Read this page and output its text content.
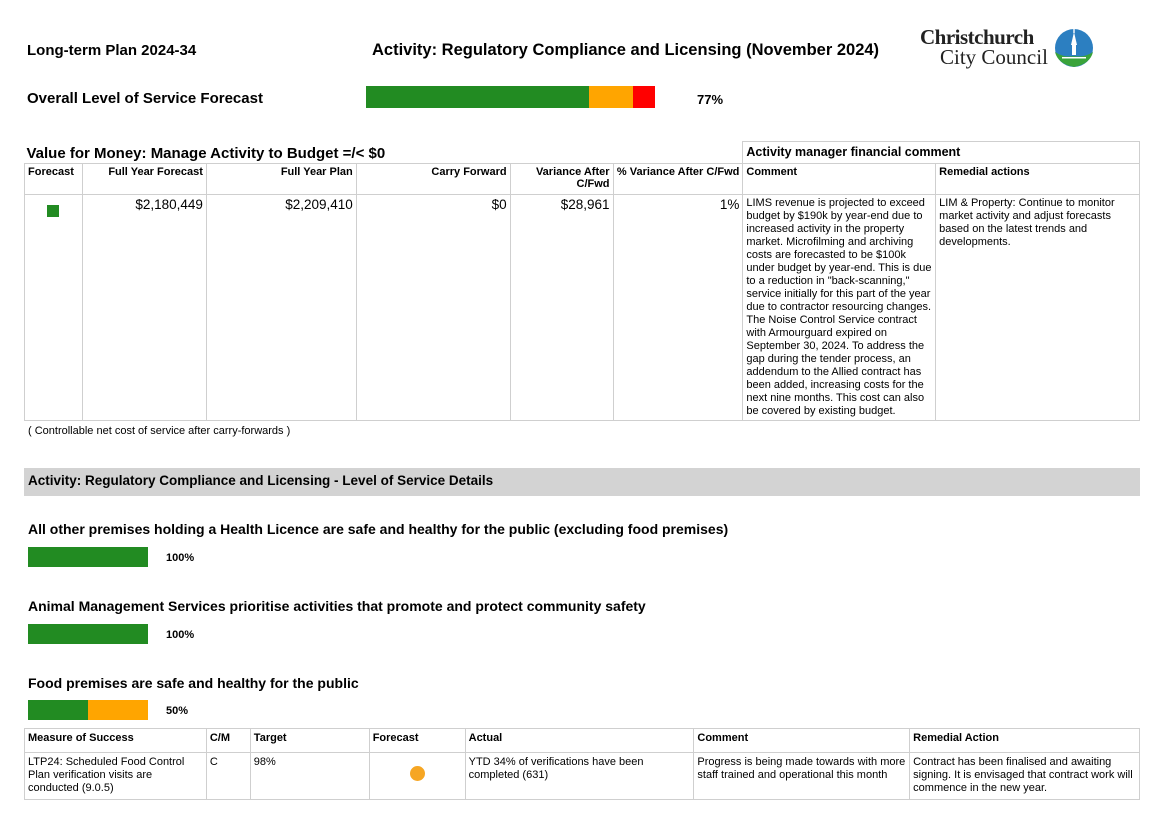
Long-term Plan 2024-34	Activity: Regulatory Compliance and Licensing (November 2024)
Christchurch
City Council
Overall Level of Service Forecast	77%
Value for Money: Manage Activity to Budget =/< $0						Activity manager financial comment	
Forecast	Full Year Forecast	Full Year Plan	Carry Forward	Variance After C/Fwd	% Variance After C/Fwd	Comment	Remedial actions
	$2,180,449	$2,209,410	$0	$28,961	1%	LIMS revenue is projected to exceed budget by $190k by year-end due to increased activity in the property market. Microfilming and archiving costs are forecasted to be $100k under budget by year-end. This is due to a reduction in "back-scanning," service initially for this part of the year due to contractor resourcing changes. The Noise Control Service contract with Armourguard expired on September 30, 2024. To address the gap during the tender process, an addendum to the Allied contract has been added, increasing costs for the next nine months. This cost can also be covered by existing budget.	LIM & Property: Continue to monitor market activity and adjust forecasts based on the latest trends and developments.
( Controllable net cost of service after carry-forwards )
Activity: Regulatory Compliance and Licensing - Level of Service Details
All other premises holding a Health Licence are safe and healthy for the public (excluding food premises)
100%
Animal Management Services prioritise activities that promote and protect community safety
100%
Food premises are safe and healthy for the public
50%
Measure of Success	C/M	Target	Forecast	Actual	Comment	Remedial Action
LTP24: Scheduled Food Control Plan verification visits are conducted (9.0.5)	C	98%		YTD 34% of verifications have been completed (631)	Progress is being made towards with more staff trained and operational this month	Contract has been finalised and awaiting signing. It is envisaged that contract work will commence in the new year.
